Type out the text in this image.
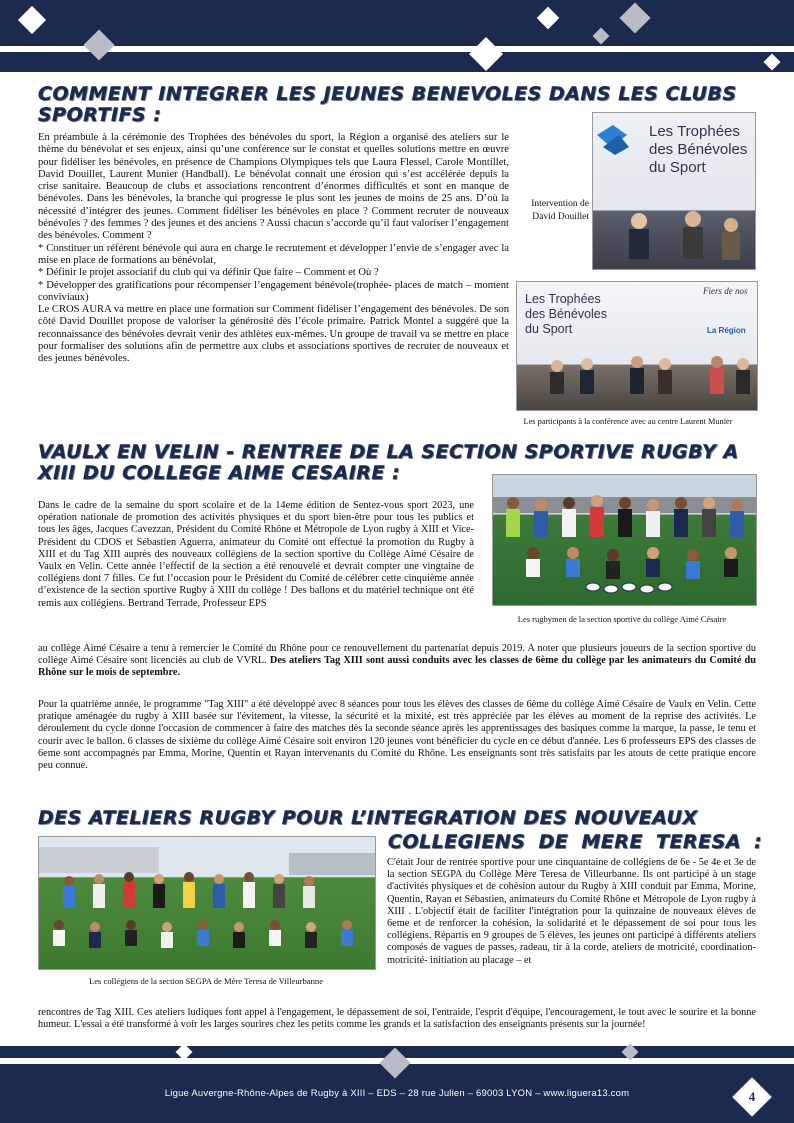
COMMENT INTEGRER LES JEUNES BENEVOLES DANS LES CLUBS
SPORTIFS :

En préambule à la cérémonie des Trophées des bénévoles du sport, la Région a organisé des ateliers sur le thème du bénévolat et ses enjeux, ainsi qu’une conférence sur le constat et quelles solutions mettre en œuvre pour fidéliser les bénévoles, en présence de Champions Olympiques tels que Laura Flessel, Carole Montillet, David Douillet, Laurent Munier (Handball). Le bénévolat connait une érosion qui s’est accélérée depuis la crise sanitaire. Beaucoup de clubs et associations rencontrent d’énormes difficultés et sont en manque de bénévoles. Dans les bénévoles, la branche qui progresse le plus sont les jeunes de moins de 25 ans. D’où la nécessité d’intégrer des jeunes. Comment fidéliser les bénévoles en place ? Comment recruter de nouveaux bénévoles ? des femmes ? des jeunes et des anciens ? Aussi chacun s’accorde qu’il faut valoriser l’engagement des bénévoles. Comment ?

* Constituer un référent bénévole qui aura en charge le recrutement et développer l’envie de s’engager avec la mise en place de formations au bénévolat,

* Définir le projet associatif du club qui va définir Que faire – Comment et Où ?

* Développer des gratifications pour récompenser l’engagement bénévole(trophée- places de match – moment conviviaux)

Le CROS AURA va mettre en place une formation sur Comment fidéliser l’engagement des bénévoles. De son côté David Douillet propose de valoriser la générosité dès l’école primaire. Patrick Montel a suggéré que la reconnaissance des bénévoles devrait venir des athlètes eux-mêmes. Un groupe de travail va se mettre en place pour formaliser des solutions afin de permettre aux clubs et associations sportives de recruter de nouveaux et des jeunes bénévoles.

Intervention de David Douillet
Les Trophées des Bénévoles du Sport
Les Trophées des Bénévoles du Sport
Fiers de nos
La Région
Les participants à la conférence avec au centre Laurent Munier
VAULX EN VELIN - RENTREE DE LA SECTION SPORTIVE RUGBY A
XIII DU COLLEGE AIME CESAIRE :

Dans le cadre de la semaine du sport scolaire et de la 14eme édition de Sentez-vous sport 2023, une opération nationale de promotion des activités physiques et du sport bien-être pour tous les publics et tous les âges, Jacques Cavezzan, Président du Comité Rhône et Métropole de Lyon rugby à XIII et Vice-Président du CDOS et Sébastien Aguerra, animateur du Comité ont effectué la promotion du Rugby à XIII et du Tag XIII auprès des nouveaux collégiens de la section sportive du Collège Aimé Césaire de Vaulx en Velin. Cette année l’effectif de la section a été renouvelé et devrait compter une vingtaine de collégiens dont 7 filles. Ce fut l’occasion pour le Président du Comité de célébrer cette cinquième année d’existence de la section sportive Rugby à XIII du collège ! Des ballons et du matériel technique ont été remis aux collégiens. Bertrand Terrade, Professeur EPS

Les rugbymen de la section sportive du collège Aimé Césaire
au collège Aimé Césaire a tenu à remercier le Comité du Rhône pour ce renouvellement du partenariat depuis 2019. A noter que plusieurs joueurs de la section sportive du collège Aimé Césaire sont licenciés au club de VVRL. Des ateliers Tag XIII sont aussi conduits avec les classes de 6ème du collège par les animateurs du Comité du Rhône sur le mois de septembre.

Pour la quatrième année, le programme "Tag XIII" a été développé avec 8 séances pour tous les élèves des classes de 6ème du collège Aimé Césaire de Vaulx en Velin. Cette pratique aménagée du rugby à XIII basée sur l'évitement, la vitesse, la sécurité et la mixité, est très appréciée par les élèves au moment de la reprise des activités. Le déroulement du cycle donne l'occasion de commencer à faire des matches dès la seconde séance après les apprentissages des basiques comme la marque, la passe, le tenu et courir avec le ballon. 6 classes de sixième du collège Aimé Césaire soit environ 120 jeunes vont bénéficier du cycle en ce début d'année. Les 6 professeurs EPS des classes de 6eme sont accompagnés par Emma, Morine, Quentin et Rayan intervenants du Comité du Rhône. Les enseignants sont très satisfaits par les atouts de cette pratique encore peu connue.

DES ATELIERS RUGBY POUR L’INTEGRATION DES NOUVEAUX
COLLEGIENS DE MERE TERESA :
Les collégiens de la section SEGPA de Mère Teresa de Villeurbanne

C'était Jour de rentrée sportive pour une cinquantaine de collégiens de 6e - 5e 4e et 3e de la section SEGPA du Collège Mère Teresa de Villeurbanne. Ils ont participé à un stage d'activités physiques et de cohésion autour du Rugby à XIII conduit par Emma, Morine, Quentin, Rayan et Sébastien, animateurs du Comité Rhône et Métropole de Lyon rugby à XIII . L'objectif était de faciliter l'intégration pour la quinzaine de nouveaux élèves de 6eme et de renforcer la cohésion, la solidarité et le dépassement de soi pour tous les collégiens. Répartis en 9 groupes de 5 élèves, les jeunes ont participé à différents ateliers composés de vagues de passes, radeau, tir à la corde, ateliers de motricité, coordination-motricité- initiation au placage – et

rencontres de Tag XIII. Ces ateliers ludiques font appel à l'engagement, le dépassement de soi, l'entraide, l'esprit d'équipe, l'encouragement, le tout avec le sourire et la bonne humeur. L'essai a été transformé à voir les larges sourires chez les petits comme les grands et la satisfaction des enseignants présents sur la journée!

Ligue Auvergne-Rhône-Alpes de Rugby à XIII – EDS – 28 rue Julien – 69003 LYON – www.liguera13.com	4
